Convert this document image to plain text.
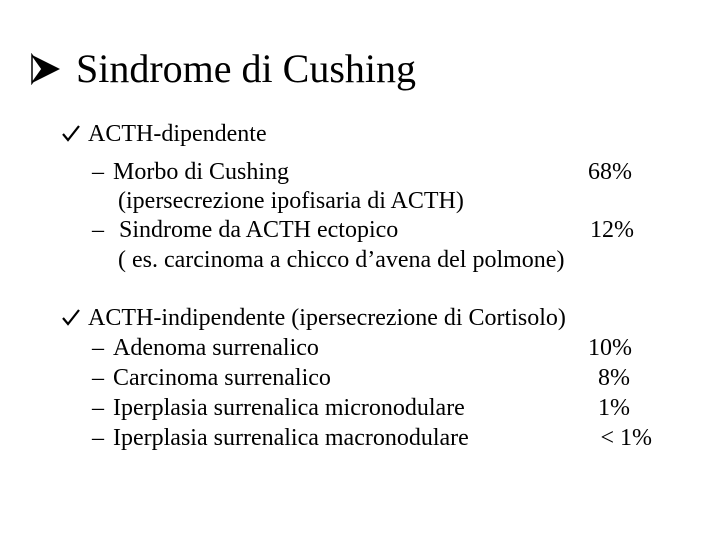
Sindrome di Cushing
ACTH-dipendente
– Morbo di Cushing	68%
(ipersecrezione ipofisaria di ACTH)
– Sindrome da ACTH ectopico	12%
( es. carcinoma a chicco d’avena del polmone)
ACTH-indipendente (ipersecrezione di Cortisolo)
– Adenoma surrenalico	10%
– Carcinoma surrenalico	8%
– Iperplasia surrenalica micronodulare	1%
– Iperplasia surrenalica macronodulare	< 1%
